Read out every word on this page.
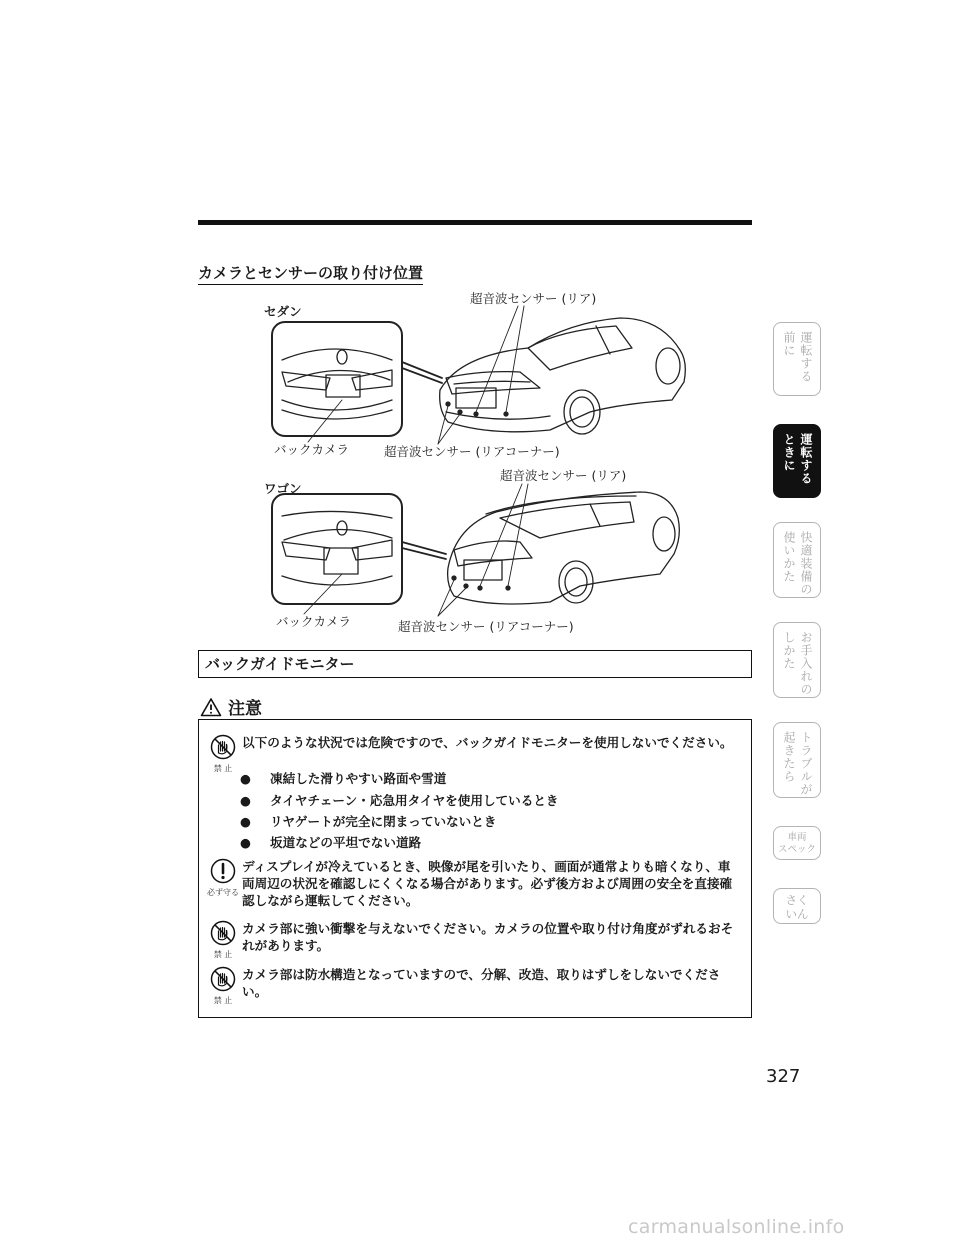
カメラとセンサーの取り付け位置
セダン
超音波センサー (リア)
バックカメラ	超音波センサー (リアコーナー)
ワゴン
超音波センサー (リア)
バックカメラ	超音波センサー (リアコーナー)
バックガイドモニター
注意
禁 止
以下のような状況では危険ですので、バックガイドモニターを使用しないでください。
● 凍結した滑りやすい路面や雪道
● タイヤチェーン・応急用タイヤを使用しているとき
● リヤゲートが完全に閉まっていないとき
● 坂道などの平坦でない道路
必ず守る
ディスプレイが冷えているとき、映像が尾を引いたり、画面が通常よりも暗くなり、車両周辺の状況を確認しにくくなる場合があります。必ず後方および周囲の安全を直接確認しながら運転してください。
禁 止
カメラ部に強い衝撃を与えないでください。カメラの位置や取り付け角度がずれるおそれがあります。
禁 止
カメラ部は防水構造となっていますので、分解、改造、取りはずしをしないでください。
運転する
前に
運転する
ときに
快適装備の
使いかた
お手入れの
しかた
トラブルが
起きたら
車両
スペック
さく
いん
327
carmanualsonline.info
